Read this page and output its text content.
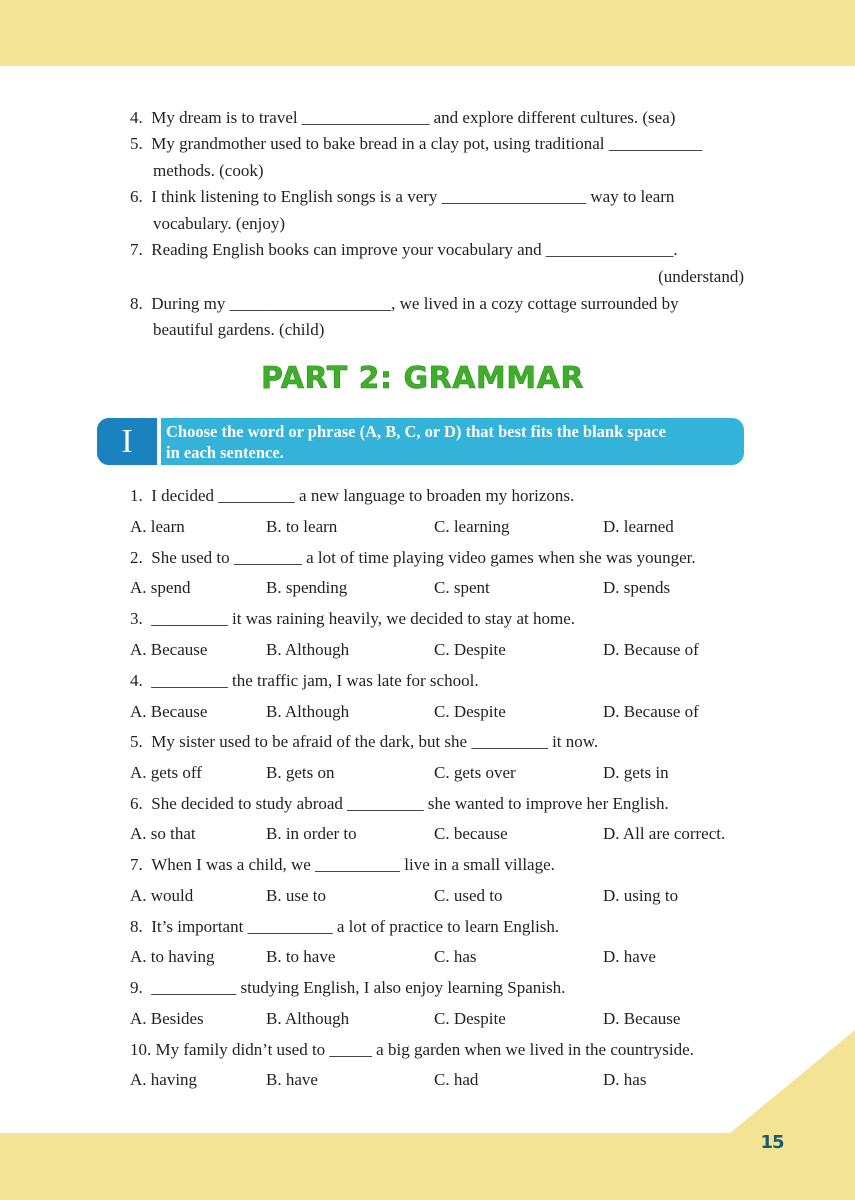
4. My dream is to travel _______________ and explore different cultures. (sea)
5. My grandmother used to bake bread in a clay pot, using traditional ___________
methods. (cook)
6. I think listening to English songs is a very _________________ way to learn
vocabulary. (enjoy)
7. Reading English books can improve your vocabulary and _______________.
(understand)
8. During my ___________________, we lived in a cozy cottage surrounded by
beautiful gardens. (child)
PART 2: GRAMMAR
I	Choose the word or phrase (A, B, C, or D) that best fits the blank space
in each sentence.
1. I decided _________ a new language to broaden my horizons.
A. learn	B. to learn	C. learning	D. learned
2. She used to ________ a lot of time playing video games when she was younger.
A. spend	B. spending	C. spent	D. spends
3. _________ it was raining heavily, we decided to stay at home.
A. Because	B. Although	C. Despite	D. Because of
4. _________ the traffic jam, I was late for school.
A. Because	B. Although	C. Despite	D. Because of
5. My sister used to be afraid of the dark, but she _________ it now.
A. gets off	B. gets on	C. gets over	D. gets in
6. She decided to study abroad _________ she wanted to improve her English.
A. so that	B. in order to	C. because	D. All are correct.
7. When I was a child, we __________ live in a small village.
A. would	B. use to	C. used to	D. using to
8. It’s important __________ a lot of practice to learn English.
A. to having	B. to have	C. has	D. have
9. __________ studying English, I also enjoy learning Spanish.
A. Besides	B. Although	C. Despite	D. Because
10. My family didn’t used to _____ a big garden when we lived in the countryside.
A. having	B. have	C. had	D. has
15
